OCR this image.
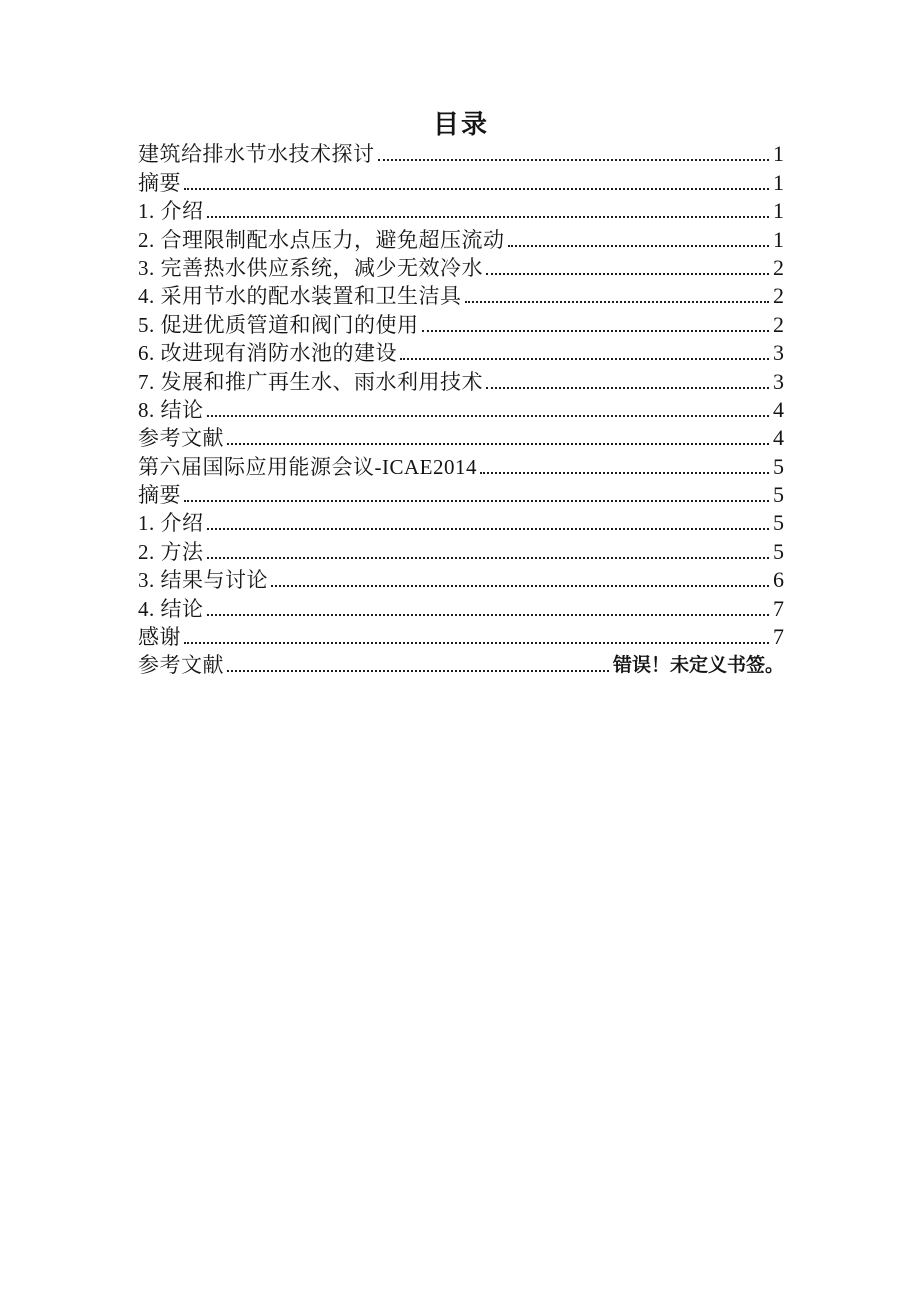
目录
建筑给排水节水技术探讨	1
摘要	1
1. 介绍	1
2. 合理限制配水点压力，避免超压流动	1
3. 完善热水供应系统，减少无效冷水	2
4. 采用节水的配水装置和卫生洁具	2
5. 促进优质管道和阀门的使用	2
6. 改进现有消防水池的建设	3
7. 发展和推广再生水、雨水利用技术	3
8. 结论	4
参考文献	4
第六届国际应用能源会议-ICAE2014	5
摘要	5
1. 介绍	5
2. 方法	5
3. 结果与讨论	6
4. 结论	7
感谢	7
参考文献	错误！未定义书签。
